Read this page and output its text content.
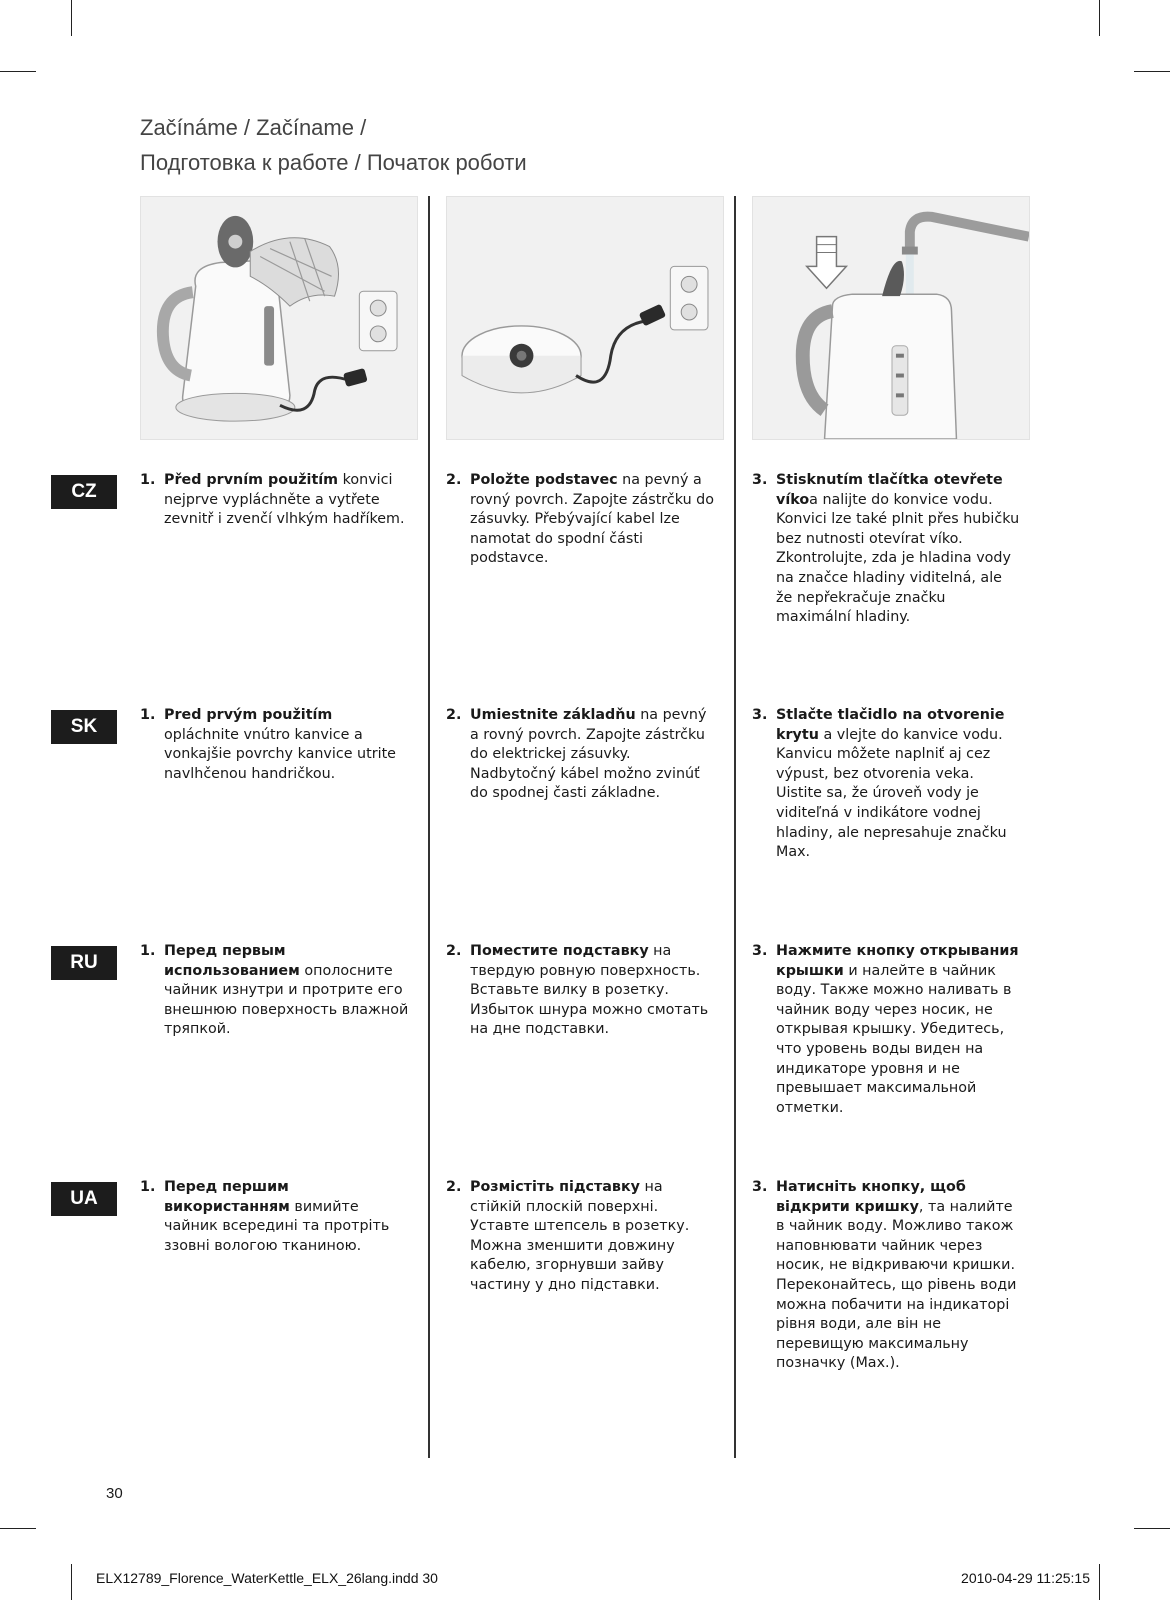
Začínáme / Začíname /
Подготовка к работе / Початок роботи
CZ
1. Před prvním použitím konvici nejprve vypláchněte a vytřete zevnitř i zvenčí vlhkým hadříkem.
2. Položte podstavec na pevný a rovný povrch. Zapojte zástrčku do zásuvky. Přebývající kabel lze namotat do spodní části podstavce.
3. Stisknutím tlačítka otevřete víkoa nalijte do konvice vodu. Konvici lze také plnit přes hubičku bez nutnosti otevírat víko. Zkontrolujte, zda je hladina vody na značce hladiny viditelná, ale že nepřekračuje značku maximální hladiny.
SK
1. Pred prvým použitím opláchnite vnútro kanvice a vonkajšie povrchy kanvice utrite navlhčenou handričkou.
2. Umiestnite základňu na pevný a rovný povrch. Zapojte zástrčku do elektrickej zásuvky. Nadbytočný kábel možno zvinúť do spodnej časti základne.
3. Stlačte tlačidlo na otvorenie krytu a vlejte do kanvice vodu. Kanvicu môžete naplniť aj cez výpust, bez otvorenia veka. Uistite sa, že úroveň vody je viditeľná v indikátore vodnej hladiny, ale nepresahuje značku Max.
RU
1. Перед первым использованием ополосните чайник изнутри и протрите его внешнюю поверхность влажной тряпкой.
2. Поместите подставку на твердую ровную поверхность. Вставьте вилку в розетку. Избыток шнура можно смотать на дне подставки.
3. Нажмите кнопку открывания крышки и налейте в чайник воду. Также можно наливать в чайник воду через носик, не открывая крышку. Убедитесь, что уровень воды виден на индикаторе уровня и не превышает максимальной отметки.
UA
1. Перед першим використанням вимийте чайник всередині та протріть ззовні вологою тканиною.
2. Розмістіть підставку на стійкій плоскій поверхні. Уставте штепсель в розетку. Можна зменшити довжину кабелю, згорнувши зайву частину у дно підставки.
3. Натисніть кнопку, щоб відкрити кришку, та налийте в чайник воду. Можливо також наповнювати чайник через носик, не відкриваючи кришки. Переконайтесь, що рівень води можна побачити на індикаторі рівня води, але він не перевищую максимальну позначку (Max.).
30
ELX12789_Florence_WaterKettle_ELX_26lang.indd 30	2010-04-29 11:25:15
